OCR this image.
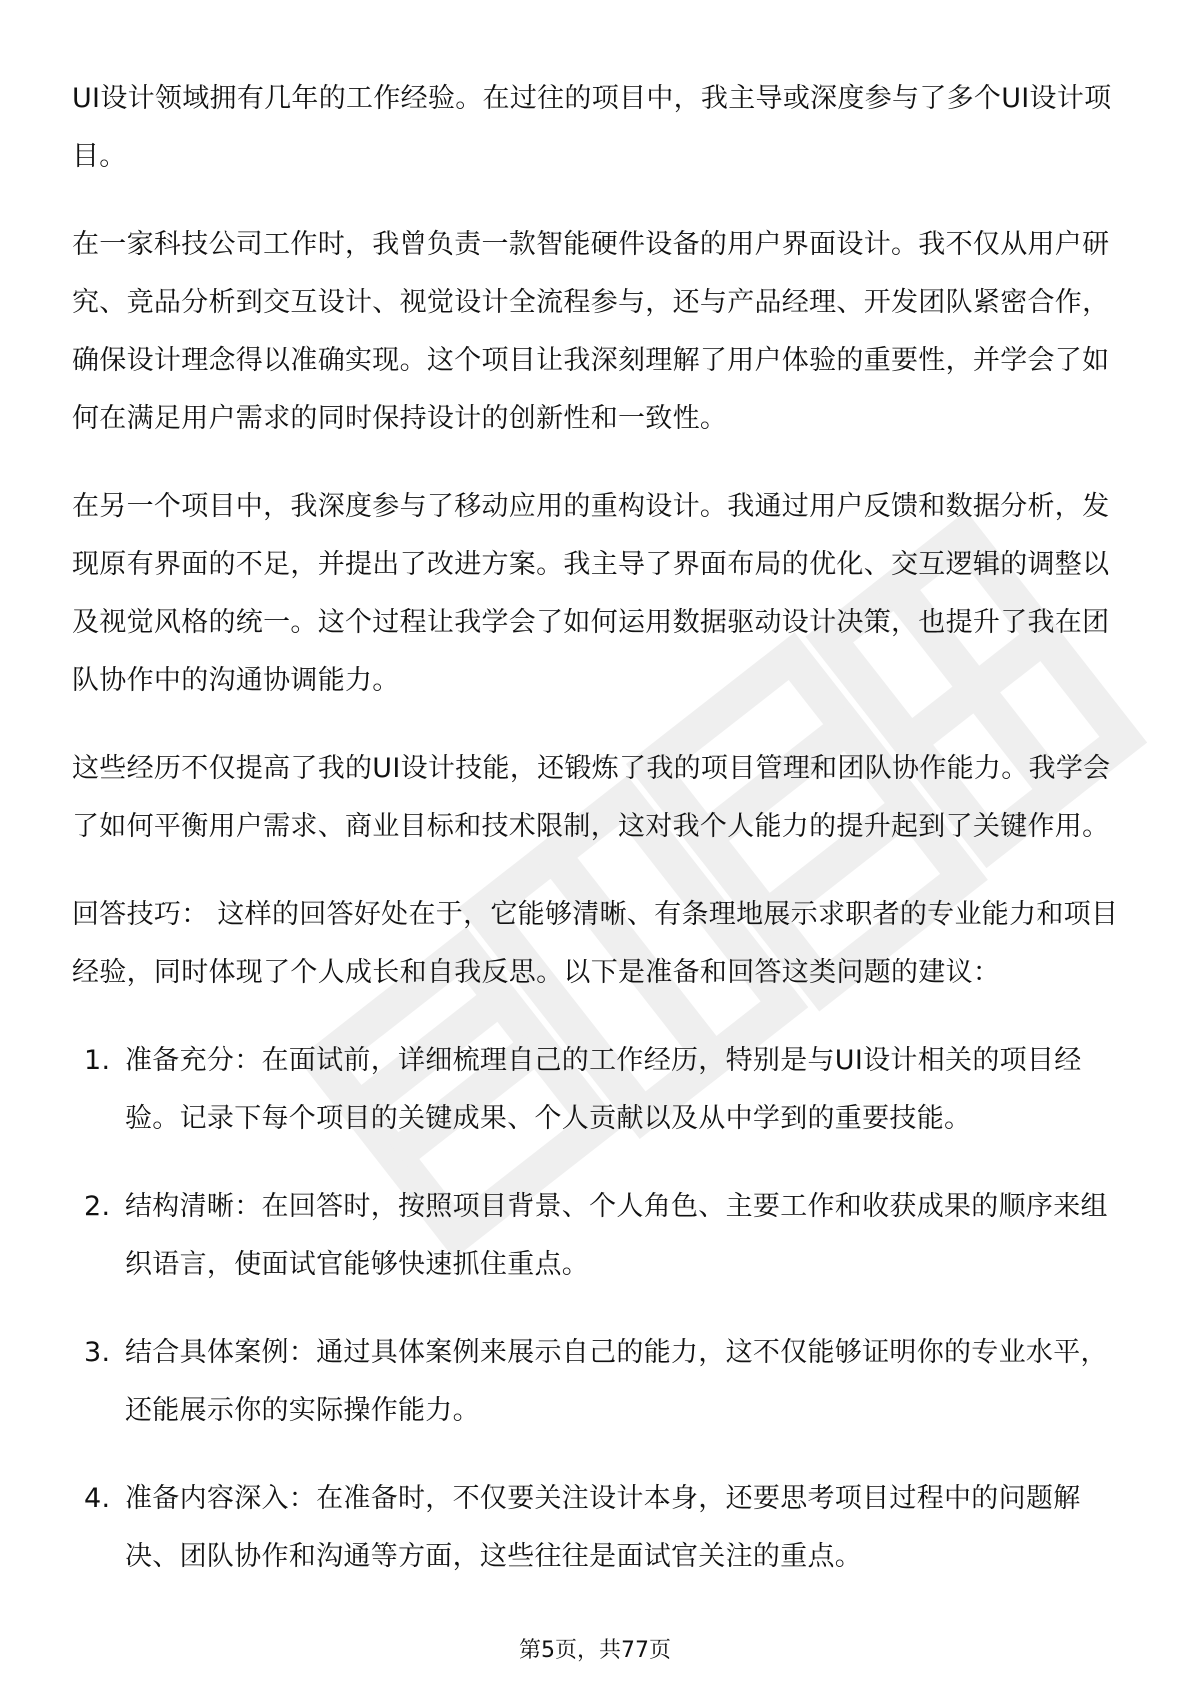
UI设计领域拥有几年的工作经验。在过往的项目中，我主导或深度参与了多个UI设计项目。

在一家科技公司工作时，我曾负责一款智能硬件设备的用户界面设计。我不仅从用户研究、竞品分析到交互设计、视觉设计全流程参与，还与产品经理、开发团队紧密合作，确保设计理念得以准确实现。这个项目让我深刻理解了用户体验的重要性，并学会了如何在满足用户需求的同时保持设计的创新性和一致性。

在另一个项目中，我深度参与了移动应用的重构设计。我通过用户反馈和数据分析，发现原有界面的不足，并提出了改进方案。我主导了界面布局的优化、交互逻辑的调整以及视觉风格的统一。这个过程让我学会了如何运用数据驱动设计决策，也提升了我在团队协作中的沟通协调能力。

这些经历不仅提高了我的UI设计技能，还锻炼了我的项目管理和团队协作能力。我学会了如何平衡用户需求、商业目标和技术限制，这对我个人能力的提升起到了关键作用。

回答技巧： 这样的回答好处在于，它能够清晰、有条理地展示求职者的专业能力和项目经验，同时体现了个人成长和自我反思。以下是准备和回答这类问题的建议：

1. 准备充分：在面试前，详细梳理自己的工作经历，特别是与UI设计相关的项目经验。记录下每个项目的关键成果、个人贡献以及从中学到的重要技能。
2. 结构清晰：在回答时，按照项目背景、个人角色、主要工作和收获成果的顺序来组织语言，使面试官能够快速抓住重点。
3. 结合具体案例：通过具体案例来展示自己的能力，这不仅能够证明你的专业水平，还能展示你的实际操作能力。
4. 准备内容深入：在准备时，不仅要关注设计本身，还要思考项目过程中的问题解决、团队协作和沟通等方面，这些往往是面试官关注的重点。
第5页，共77页
